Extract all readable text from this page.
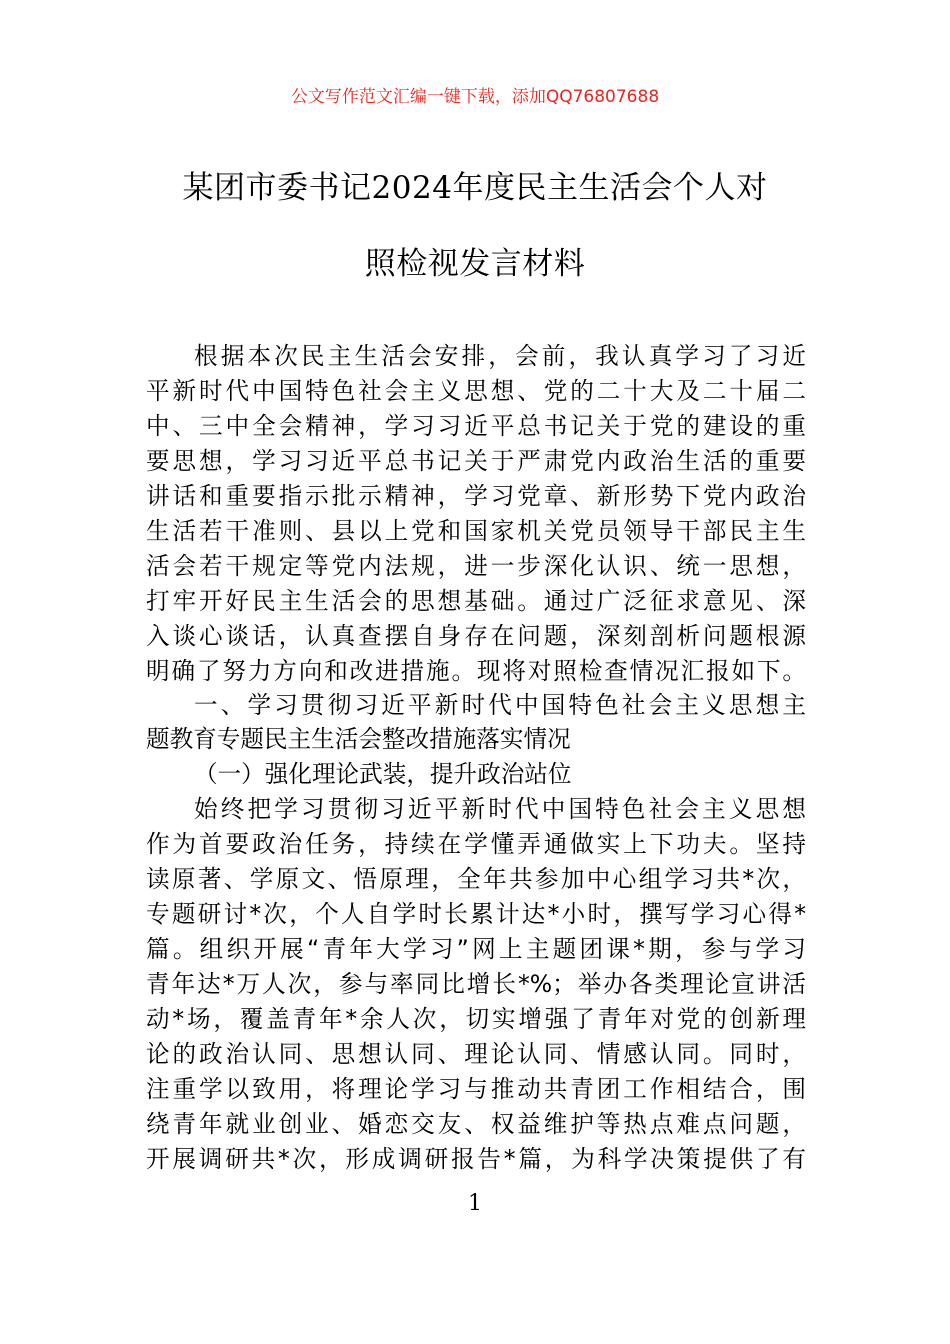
公文写作范文汇编一键下载，添加QQ76807688
某团市委书记2024年度民主生活会个人对
照检视发言材料
根据本次民主生活会安排，会前，我认真学习了习近
平新时代中国特色社会主义思想、党的二十大及二十届二
中、三中全会精神，学习习近平总书记关于党的建设的重
要思想，学习习近平总书记关于严肃党内政治生活的重要
讲话和重要指示批示精神，学习党章、新形势下党内政治
生活若干准则、县以上党和国家机关党员领导干部民主生
活会若干规定等党内法规，进一步深化认识、统一思想，
打牢开好民主生活会的思想基础。通过广泛征求意见、深
入谈心谈话，认真查摆自身存在问题，深刻剖析问题根源
明确了努力方向和改进措施。现将对照检查情况汇报如下。
一、学习贯彻习近平新时代中国特色社会主义思想主
题教育专题民主生活会整改措施落实情况
（一）强化理论武装，提升政治站位
始终把学习贯彻习近平新时代中国特色社会主义思想
作为首要政治任务，持续在学懂弄通做实上下功夫。坚持
读原著、学原文、悟原理，全年共参加中心组学习共*次，
专题研讨*次，个人自学时长累计达*小时，撰写学习心得*
篇。组织开展“青年大学习”网上主题团课*期，参与学习
青年达*万人次，参与率同比增长*%；举办各类理论宣讲活
动*场，覆盖青年*余人次，切实增强了青年对党的创新理
论的政治认同、思想认同、理论认同、情感认同。同时，
注重学以致用，将理论学习与推动共青团工作相结合，围
绕青年就业创业、婚恋交友、权益维护等热点难点问题，
开展调研共*次，形成调研报告*篇，为科学决策提供了有
1
